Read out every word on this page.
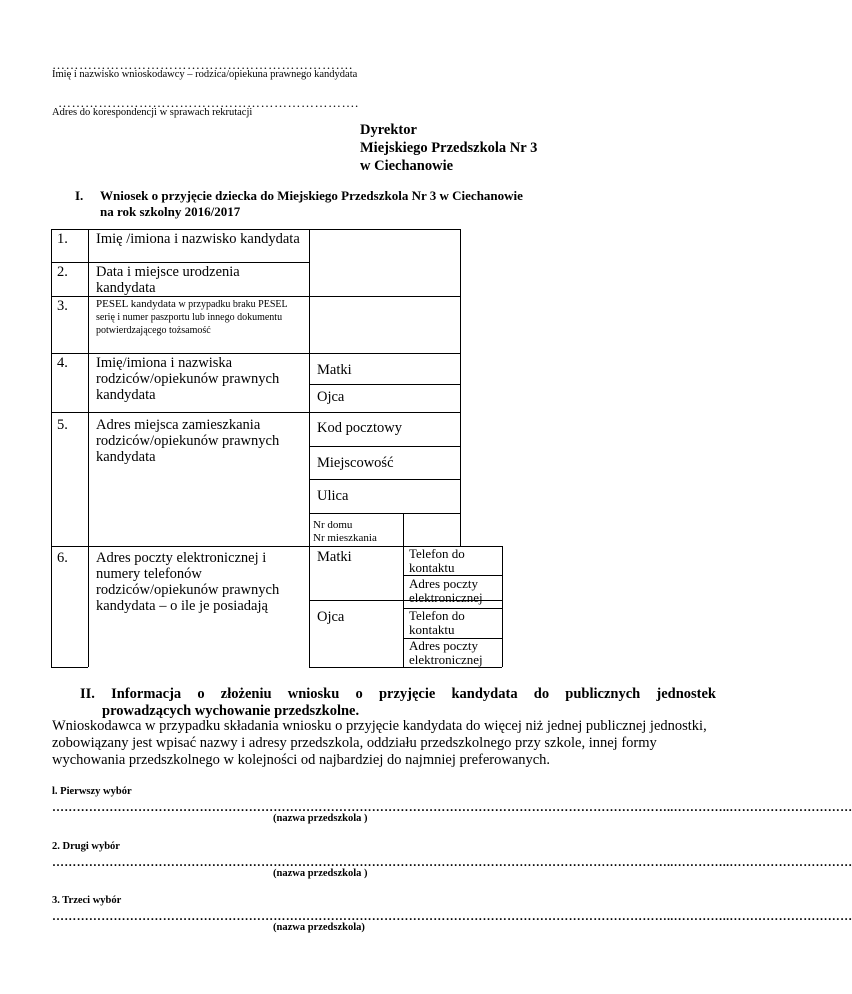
………………………………………………………….
Imię i nazwisko wnioskodawcy – rodzica/opiekuna prawnego kandydata
………………………………………………………….
Adres do korespondencji w sprawach rekrutacji
Dyrektor
Miejskiego Przedszkola Nr 3
w Ciechanowie
I. Wniosek o przyjęcie dziecka do Miejskiego Przedszkola Nr 3 w Ciechanowie
na rok szkolny 2016/2017
1. Imię /imiona i nazwisko kandydata
2. Data i miejsce urodzenia kandydata
3.	PESEL kandydata w przypadku braku PESEL serię i numer paszportu lub innego dokumentu potwierdzającego tożsamość
4. Imię/imiona i nazwiska rodziców/opiekunów prawnych kandydata
Matki
Ojca
5. Adres miejsca zamieszkania rodziców/opiekunów prawnych kandydata
Kod pocztowy
Miejscowość
Ulica
Nr domu
Nr mieszkania
6. Adres poczty elektronicznej i numery telefonów rodziców/opiekunów prawnych kandydata – o ile je posiadają
Matki
Ojca
Telefon do kontaktu
Adres poczty elektronicznej
Telefon do kontaktu
Adres poczty elektronicznej
II. Informacja o złożeniu wniosku o przyjęcie kandydata do publicznych jednostek
prowadzących wychowanie przedszkolne.
Wnioskodawca w przypadku składania wniosku o przyjęcie kandydata do więcej niż jednej publicznej jednostki, zobowiązany jest wpisać nazwy i adresy przedszkola, oddziału przedszkolnego przy szkole, innej formy wychowania przedszkolnego w kolejności od najbardziej do najmniej preferowanych.
l. Pierwszy wybór
……………………………………………………………………………………………………………………………………..…………..…………………………
(nazwa przedszkola )
2. Drugi wybór
……………………………………………………………………………………………………………………………………..…………..…………………………
(nazwa przedszkola )
3. Trzeci wybór
……………………………………………………………………………………………………………………………………..…………..…………………………
(nazwa przedszkola)
